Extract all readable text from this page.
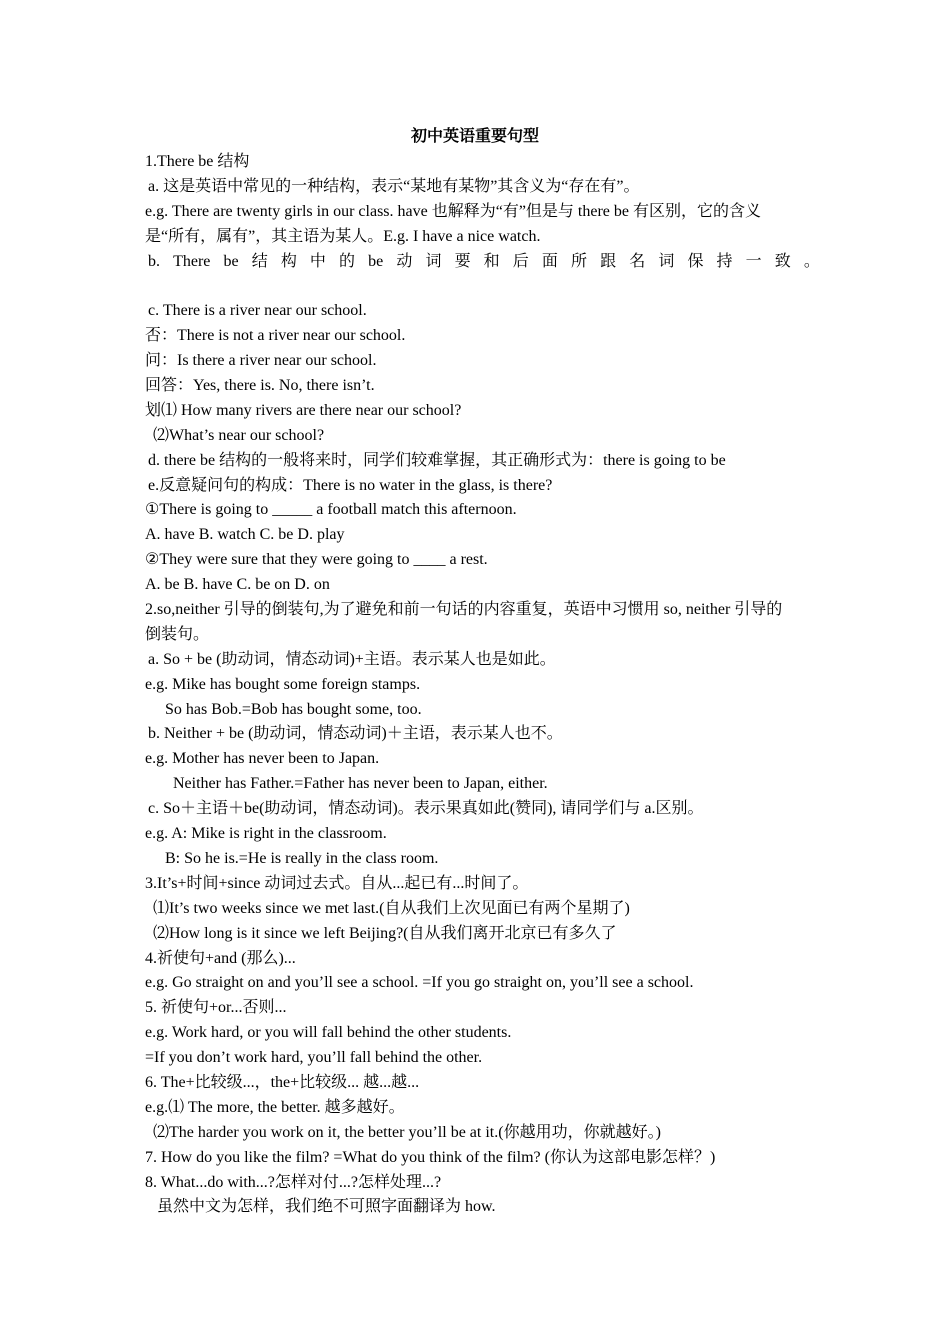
初中英语重要句型
1.There be 结构
a. 这是英语中常见的一种结构，表示“某地有某物”其含义为“存在有”。
e.g. There are twenty girls in our class. have 也解释为“有”但是与 there be 有区别，它的含义
是“所有，属有”，其主语为某人。E.g. I have a nice watch.
b. There be 结 构 中 的 be 动 词 要 和 后 面 所 跟 名 词 保 持 一 致 。
c. There is a river near our school.
否：There is not a river near our school.
问：Is there a river near our school.
回答：Yes, there is. No, there isn’t.
划⑴ How many rivers are there near our school?
⑵What’s near our school?
d. there be 结构的一般将来时，同学们较难掌握，其正确形式为：there is going to be
e.反意疑问句的构成：There is no water in the glass, is there?
①There is going to _____ a football match this afternoon.
A. have B. watch C. be D. play
②They were sure that they were going to ____ a rest.
A. be B. have C. be on D. on
2.so,neither 引导的倒装句,为了避免和前一句话的内容重复，英语中习惯用 so, neither 引导的
倒装句。
a. So + be (助动词，情态动词)+主语。表示某人也是如此。
e.g. Mike has bought some foreign stamps.
So has Bob.=Bob has bought some, too.
b. Neither + be (助动词，情态动词)＋主语，表示某人也不。
e.g. Mother has never been to Japan.
Neither has Father.=Father has never been to Japan, either.
c. So＋主语＋be(助动词，情态动词)。表示果真如此(赞同), 请同学们与 a.区别。
e.g. A: Mike is right in the classroom.
B: So he is.=He is really in the class room.
3.It’s+时间+since 动词过去式。自从...起已有...时间了。
⑴It’s two weeks since we met last.(自从我们上次见面已有两个星期了)
⑵How long is it since we left Beijing?(自从我们离开北京已有多久了
4.祈使句+and (那么)...
e.g. Go straight on and you’ll see a school. =If you go straight on, you’ll see a school.
5. 祈使句+or...否则...
e.g. Work hard, or you will fall behind the other students.
=If you don’t work hard, you’ll fall behind the other.
6. The+比较级...，the+比较级... 越...越...
e.g.⑴ The more, the better. 越多越好。
⑵The harder you work on it, the better you’ll be at it.(你越用功，你就越好。)
7. How do you like the film? =What do you think of the film? (你认为这部电影怎样？)
8. What...do with...?怎样对付...?怎样处理...?
虽然中文为怎样，我们绝不可照字面翻译为 how.
